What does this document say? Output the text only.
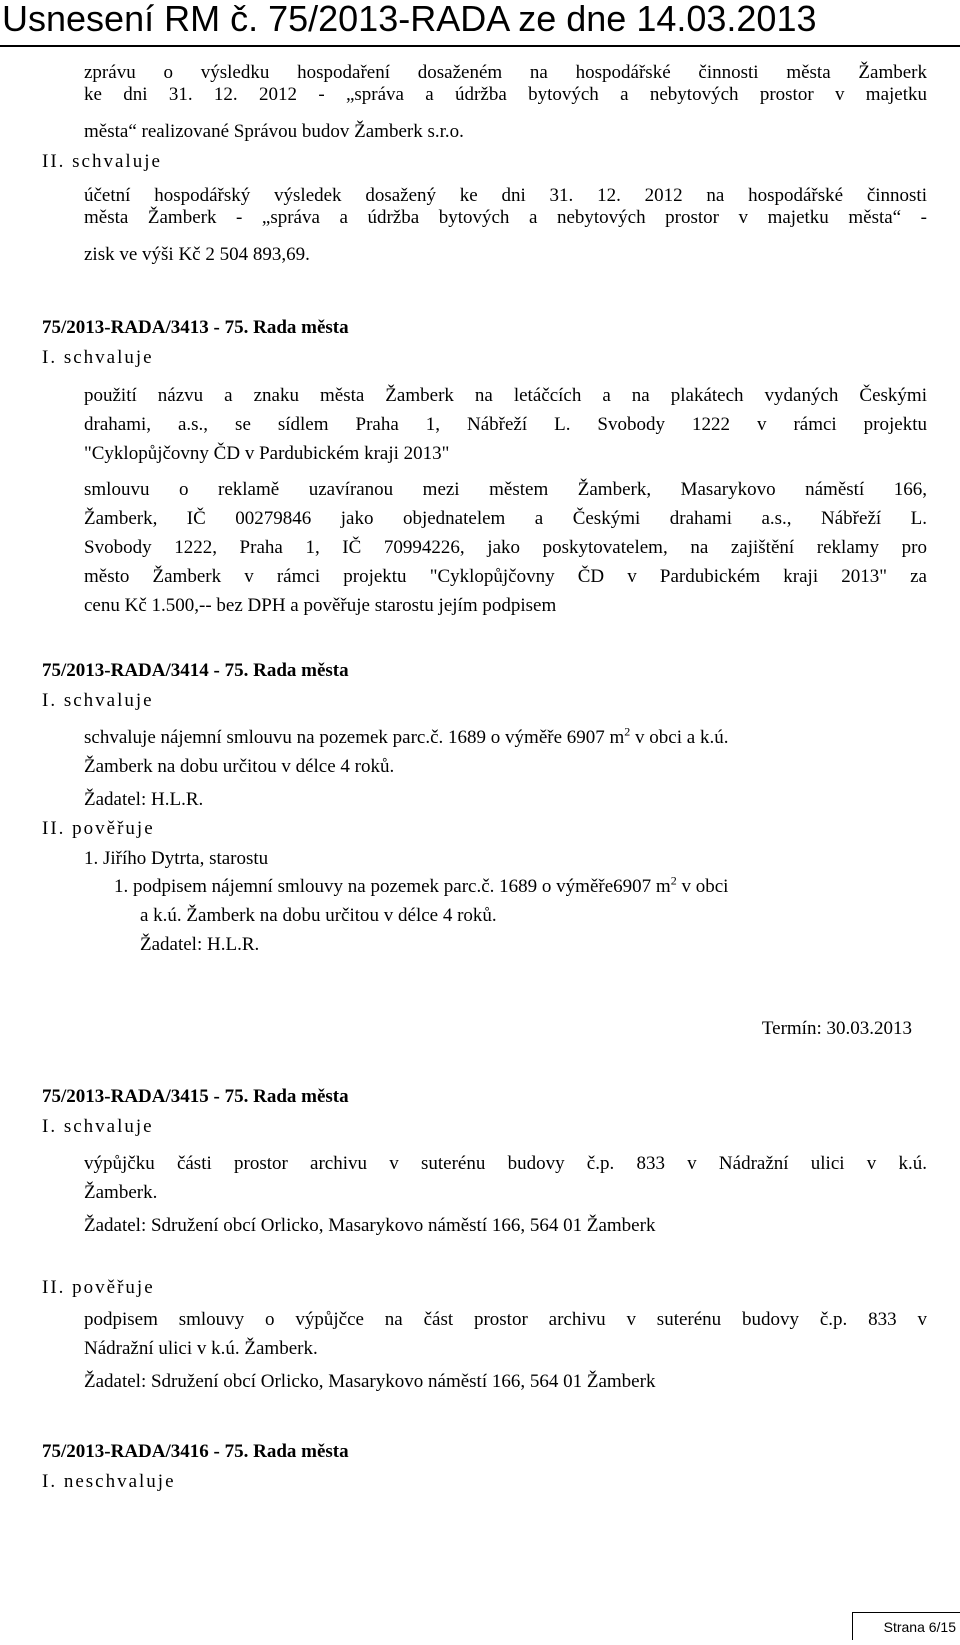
Usnesení RM č. 75/2013-RADA ze dne 14.03.2013
zprávu o výsledku hospodaření dosaženém na hospodářské činnosti města Žamberk
ke dni 31. 12. 2012 - „správa a údržba bytových a nebytových prostor v majetku
města“ realizované Správou budov Žamberk s.r.o.
II. schvaluje
účetní hospodářský výsledek dosažený ke dni 31. 12. 2012 na hospodářské činnosti
města Žamberk - „správa a údržba bytových a nebytových prostor v majetku města“ -
zisk ve výši Kč 2 504 893,69.
75/2013-RADA/3413 - 75. Rada města
I. schvaluje
použití názvu a znaku města Žamberk na letáčcích a na plakátech vydaných Českými
drahami, a.s., se sídlem Praha 1, Nábřeží L. Svobody 1222 v rámci projektu
"Cyklopůjčovny ČD v Pardubickém kraji 2013"
smlouvu o reklamě uzavíranou mezi městem Žamberk, Masarykovo náměstí 166,
Žamberk, IČ 00279846 jako objednatelem a Českými drahami a.s., Nábřeží L.
Svobody 1222, Praha 1, IČ 70994226, jako poskytovatelem, na zajištění reklamy pro
město Žamberk v rámci projektu "Cyklopůjčovny ČD v Pardubickém kraji 2013" za
cenu Kč 1.500,-- bez DPH a pověřuje starostu jejím podpisem
75/2013-RADA/3414 - 75. Rada města
I. schvaluje
schvaluje nájemní smlouvu na pozemek parc.č. 1689 o výměře 6907 $m^2$ v obci a k.ú.
Žamberk na dobu určitou v délce 4 roků.
Žadatel: H.L.R.
II. pověřuje
1. Jiřího Dytrta, starostu
1. podpisem nájemní smlouvy na pozemek parc.č. 1689 o výměře6907 $m^2$ v obci
a k.ú. Žamberk na dobu určitou v délce 4 roků.
Žadatel: H.L.R.
Termín: 30.03.2013
75/2013-RADA/3415 - 75. Rada města
I. schvaluje
výpůjčku části prostor archivu v suterénu budovy č.p. 833 v Nádražní ulici v k.ú.
Žamberk.
Žadatel: Sdružení obcí Orlicko, Masarykovo náměstí 166, 564 01 Žamberk
II. pověřuje
podpisem smlouvy o výpůjčce na část prostor archivu v suterénu budovy č.p. 833 v
Nádražní ulici v k.ú. Žamberk.
Žadatel: Sdružení obcí Orlicko, Masarykovo náměstí 166, 564 01 Žamberk
75/2013-RADA/3416 - 75. Rada města
I. neschvaluje
Strana 6/15
